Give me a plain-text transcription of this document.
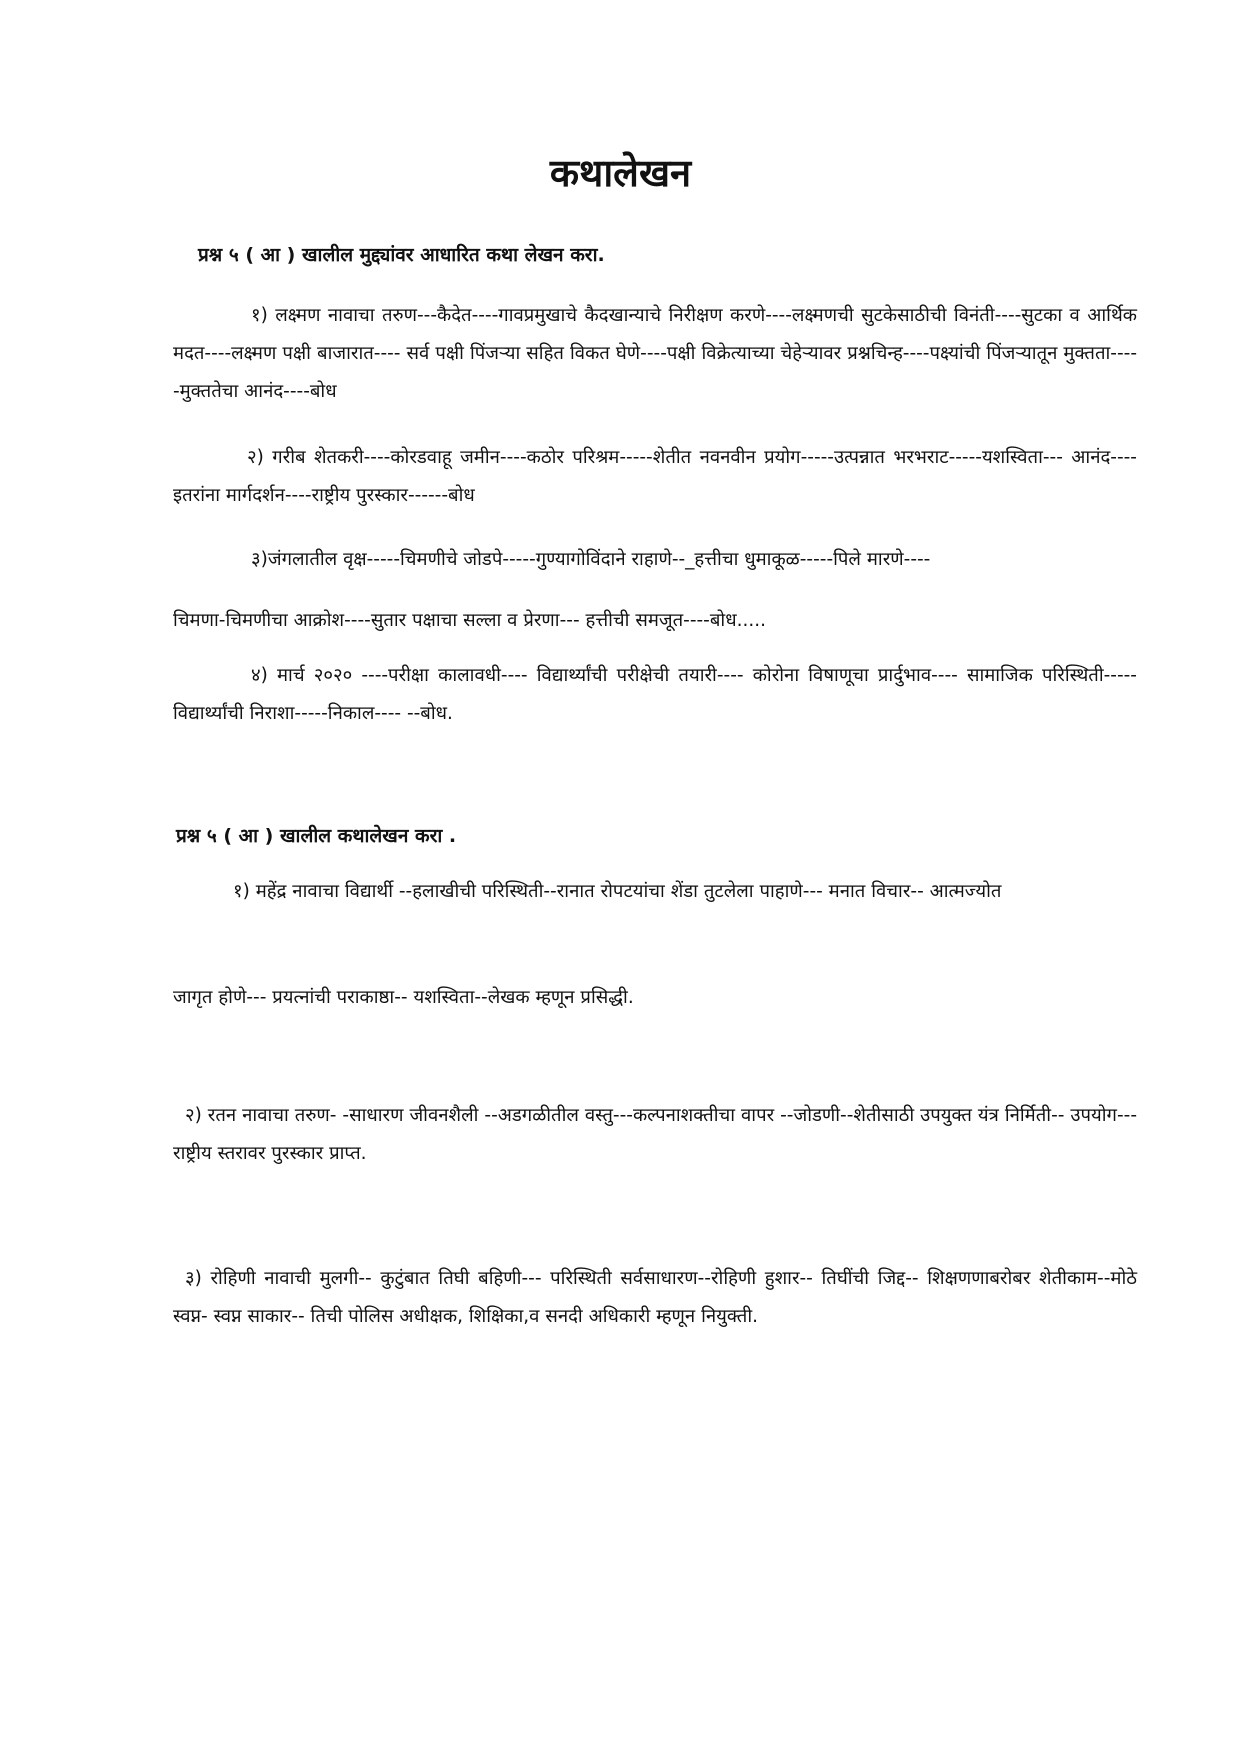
कथालेखन

प्रश्न ५ ( आ ) खालील मुद्द्यांवर आधारित कथा लेखन करा.

१) लक्ष्मण नावाचा तरुण---कैदेत----गावप्रमुखाचे कैदखान्याचे निरीक्षण करणे----लक्ष्मणची सुटकेसाठीची विनंती----सुटका व आर्थिक मदत----लक्ष्मण पक्षी बाजारात---- सर्व पक्षी पिंजऱ्या सहित विकत घेणे----पक्षी विक्रेत्याच्या चेहेऱ्यावर प्रश्नचिन्ह----पक्ष्यांची पिंजऱ्यातून मुक्तता-----मुक्ततेचा आनंद----बोध

२) गरीब शेतकरी----कोरडवाहू जमीन----कठोर परिश्रम-----शेतीत नवनवीन प्रयोग-----उत्पन्नात भरभराट-----यशस्विता--- आनंद---- इतरांना मार्गदर्शन----राष्ट्रीय पुरस्कार------बोध

३)जंगलातील वृक्ष-----चिमणीचे जोडपे-----गुण्यागोविंदाने राहाणे--_हत्तीचा धुमाकूळ-----पिले मारणे----

चिमणा-चिमणीचा आक्रोश----सुतार पक्षाचा सल्ला व प्रेरणा--- हत्तीची समजूत----बोध.....

४) मार्च २०२० ----परीक्षा कालावधी---- विद्यार्थ्यांची परीक्षेची तयारी---- कोरोना विषाणूचा प्रार्दुभाव---- सामाजिक परिस्थिती-----विद्यार्थ्यांची निराशा-----निकाल---- --बोध.

प्रश्न ५ ( आ ) खालील कथालेखन करा .

१) महेंद्र नावाचा विद्यार्थी --हलाखीची परिस्थिती--रानात रोपटयांचा शेंडा तुटलेला पाहाणे--- मनात विचार-- आत्मज्योत

जागृत होणे--- प्रयत्नांची पराकाष्ठा-- यशस्विता--लेखक म्हणून प्रसिद्धी.

२) रतन नावाचा तरुण- -साधारण जीवनशैली --अडगळीतील वस्तु---कल्पनाशक्तीचा वापर --जोडणी--शेतीसाठी उपयुक्त यंत्र निर्मिती-- उपयोग--- राष्ट्रीय स्तरावर पुरस्कार प्राप्त.

३) रोहिणी नावाची मुलगी-- कुटुंबात तिघी बहिणी--- परिस्थिती सर्वसाधारण--रोहिणी हुशार-- तिघींची जिद्द-- शिक्षणणाबरोबर शेतीकाम--मोठे स्वप्न- स्वप्न साकार-- तिची पोलिस अधीक्षक, शिक्षिका,व सनदी अधिकारी म्हणून नियुक्ती.
